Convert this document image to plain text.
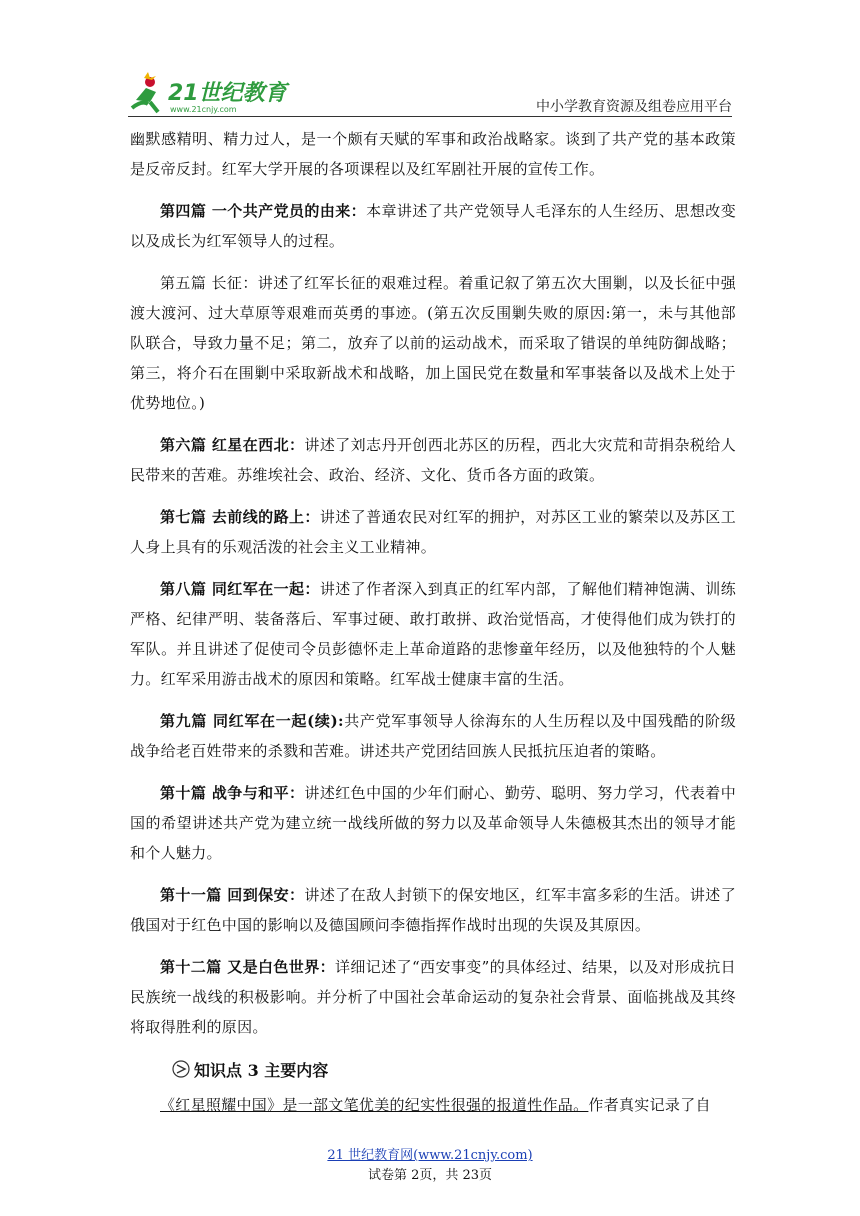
21世纪教育
www.21cnjy.com	中小学教育资源及组卷应用平台

幽默感精明、精力过人，是一个颇有天赋的军事和政治战略家。谈到了共产党的基本政策是反帝反封。红军大学开展的各项课程以及红军剧社开展的宣传工作。

第四篇 一个共产党员的由来：本章讲述了共产党领导人毛泽东的人生经历、思想改变以及成长为红军领导人的过程。

第五篇 长征：讲述了红军长征的艰难过程。着重记叙了第五次大围剿，以及长征中强渡大渡河、过大草原等艰难而英勇的事迹。(第五次反围剿失败的原因:第一，未与其他部队联合，导致力量不足；第二，放弃了以前的运动战术，而采取了错误的单纯防御战略；第三，将介石在围剿中采取新战术和战略，加上国民党在数量和军事装备以及战术上处于优势地位。)

第六篇 红星在西北：讲述了刘志丹开创西北苏区的历程，西北大灾荒和苛捐杂税给人民带来的苦难。苏维埃社会、政治、经济、文化、货币各方面的政策。

第七篇 去前线的路上：讲述了普通农民对红军的拥护，对苏区工业的繁荣以及苏区工人身上具有的乐观活泼的社会主义工业精神。

第八篇 同红军在一起：讲述了作者深入到真正的红军内部，了解他们精神饱满、训练严格、纪律严明、装备落后、军事过硬、敢打敢拼、政治觉悟高，才使得他们成为铁打的军队。并且讲述了促使司令员彭德怀走上革命道路的悲惨童年经历，以及他独特的个人魅力。红军采用游击战术的原因和策略。红军战士健康丰富的生活。

第九篇 同红军在一起(续):共产党军事领导人徐海东的人生历程以及中国残酷的阶级战争给老百姓带来的杀戮和苦难。讲述共产党团结回族人民抵抗压迫者的策略。

第十篇 战争与和平：讲述红色中国的少年们耐心、勤劳、聪明、努力学习，代表着中国的希望讲述共产党为建立统一战线所做的努力以及革命领导人朱德极其杰出的领导才能和个人魅力。

第十一篇 回到保安：讲述了在敌人封锁下的保安地区，红军丰富多彩的生活。讲述了俄国对于红色中国的影响以及德国顾问李德指挥作战时出现的失误及其原因。

第十二篇 又是白色世界：详细记述了“西安事变”的具体经过、结果，以及对形成抗日民族统一战线的积极影响。并分析了中国社会革命运动的复杂社会背景、面临挑战及其终将取得胜利的原因。

知识点 3 主要内容

《红星照耀中国》是一部文笔优美的纪实性很强的报道性作品。作者真实记录了自

21 世纪教育网(www.21cnjy.com)
试卷第 2页，共 23页
